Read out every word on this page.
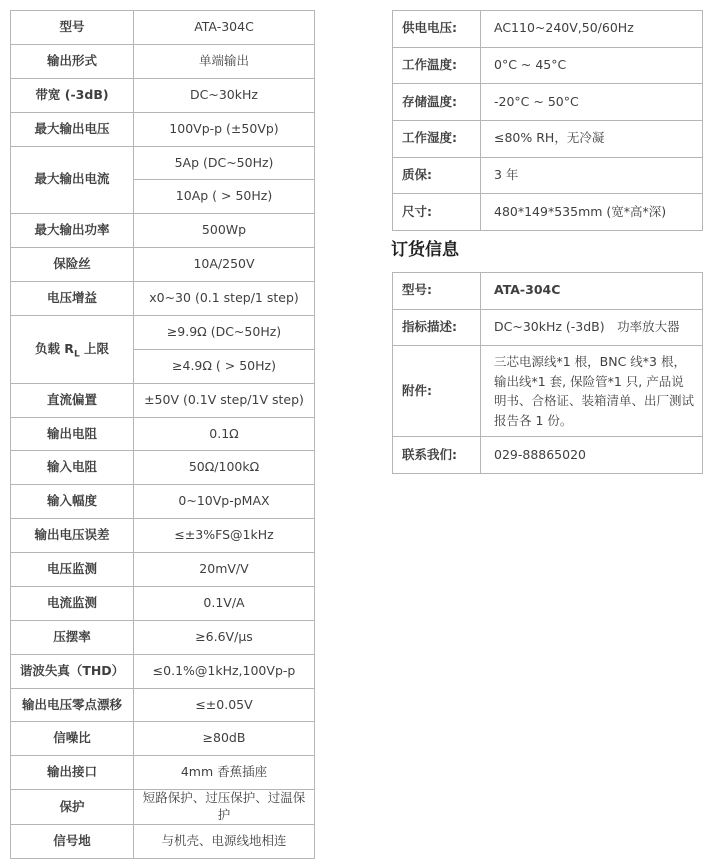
型号	ATA-304C
输出形式	单端输出
带宽 (-3dB)	DC~30kHz
最大输出电压	100Vp-p (±50Vp)
最大输出电流	5Ap (DC~50Hz)
	10Ap ( > 50Hz)
最大输出功率	500Wp
保险丝	10A/250V
电压增益	x0~30 (0.1 step/1 step)
负载 $R_L$ 上限	≥9.9Ω (DC~50Hz)
	≥4.9Ω ( > 50Hz)
直流偏置	±50V (0.1V step/1V step)
输出电阻	0.1Ω
输入电阻	50Ω/100kΩ
输入幅度	0~10Vp-pMAX
输出电压误差	≤±3%FS@1kHz
电压监测	20mV/V
电流监测	0.1V/A
压摆率	≥6.6V/μs
谐波失真（THD）	≤0.1%@1kHz,100Vp-p
输出电压零点漂移	≤±0.05V
信噪比	≥80dB
输出接口	4mm 香蕉插座
保护	短路保护、过压保护、过温保护
信号地	与机壳、电源线地相连
供电电压:	AC110~240V,50/60Hz
工作温度:	0°C ~ 45°C
存储温度:	-20°C ~ 50°C
工作湿度:	≤80% RH，无冷凝
质保:	3 年
尺寸:	480*149*535mm (宽*高*深)
订货信息
型号:	ATA-304C
指标描述:	DC~30kHz (-3dB)　功率放大器
附件:	三芯电源线*1 根，BNC 线*3 根，输出线*1 套, 保险管*1 只, 产品说明书、合格证、装箱清单、出厂测试报告各 1 份。
联系我们:	029-88865020
